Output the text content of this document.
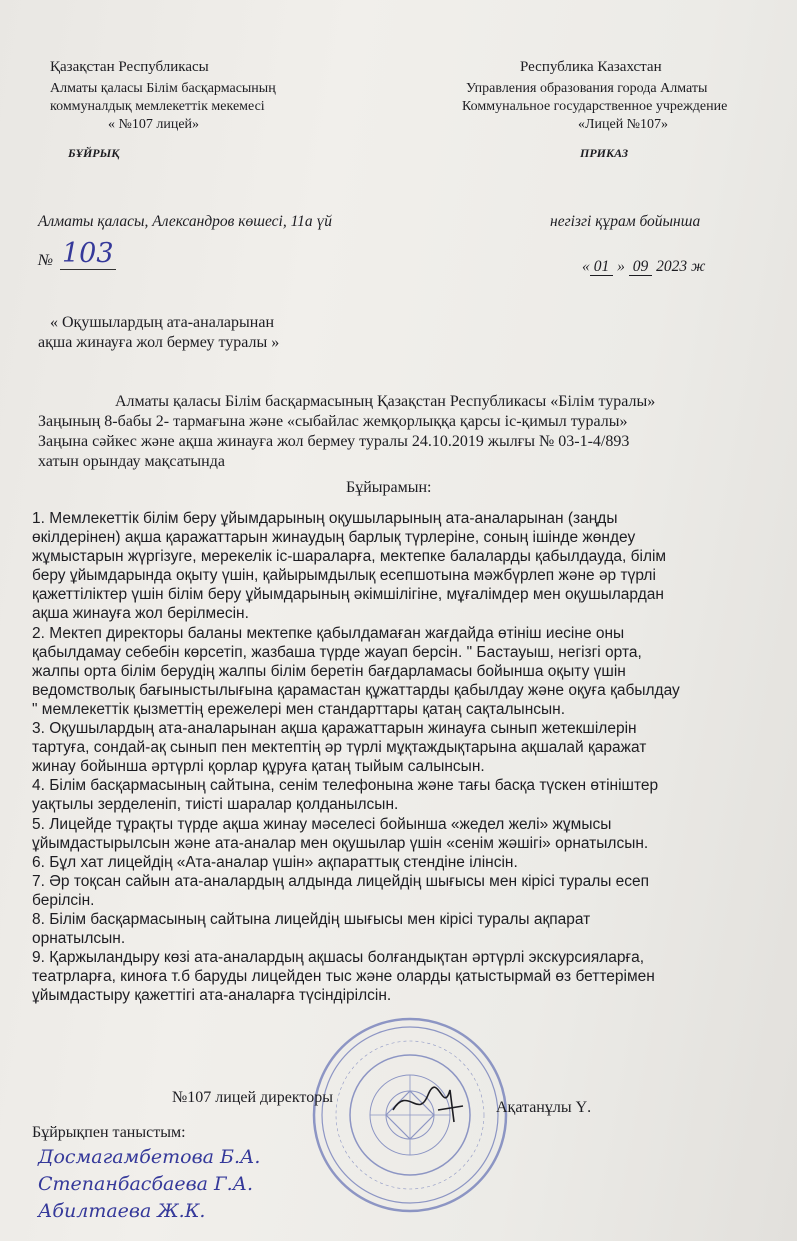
Қазақстан Республикасы
Алматы қаласы Білім басқармасының
коммуналдық мемлекеттік мекемесі
« №107 лицей»
БҰЙРЫҚ
Республика Казахстан
Управления образования города Алматы
Коммунальное государственное учреждение
«Лицей №107»
ПРИКАЗ
Алматы қаласы, Александров көшесі, 11а үй	негізгі құрам бойынша
№ 103	« 01 » 09 2023 ж
« Оқушылардың ата-аналарынан
ақша жинауға жол бермеу туралы »
Алматы қаласы Білім басқармасының Қазақстан Республикасы «Білім туралы»
Заңының 8-бабы 2- тармағына және «сыбайлас жемқорлыққа қарсы іс-қимыл туралы»
Заңына сәйкес және ақша жинауға жол бермеу туралы 24.10.2019 жылғы № 03-1-4/893
хатын орындау мақсатында
Бұйырамын:
1. Мемлекеттік білім беру ұйымдарының оқушыларының ата-аналарынан (заңды
өкілдерінен) ақша қаражаттарын жинаудың барлық түрлеріне, соның ішінде жөндеу
жұмыстарын жүргізуге, мерекелік іс-шараларға, мектепке балаларды қабылдауда, білім
беру ұйымдарында оқыту үшін, қайырымдылық есепшотына мәжбүрлеп және әр түрлі
қажеттіліктер үшін білім беру ұйымдарының әкімшілігіне, мұғалімдер мен оқушылардан
ақша жинауға жол берілмесін.
2. Мектеп директоры баланы мектепке қабылдамаған жағдайда өтініш иесіне оны
қабылдамау себебін көрсетіп, жазбаша түрде жауап берсін. " Бастауыш, негізгі орта,
жалпы орта білім берудің жалпы білім беретін бағдарламасы бойынша оқыту үшін
ведомстволық бағыныстылығына қарамастан құжаттарды қабылдау және оқуға қабылдау
" мемлекеттік қызметтің ережелері мен стандарттары қатаң сақталынсын.
3. Оқушылардың ата-аналарынан ақша қаражаттарын жинауға сынып жетекшілерін
тартуға, сондай-ақ сынып пен мектептің әр түрлі мұқтаждықтарына ақшалай қаражат
жинау бойынша әртүрлі қорлар құруға қатаң тыйым салынсын.
4. Білім басқармасының сайтына, сенім телефонына және тағы басқа түскен өтініштер
уақтылы зерделеніп, тиісті шаралар қолданылсын.
5. Лицейде тұрақты түрде ақша жинау мәселесі бойынша «жедел желі» жұмысы
ұйымдастырылсын және ата-аналар мен оқушылар үшін «сенім жәшігі» орнатылсын.
6. Бұл хат лицейдің «Ата-аналар үшін» ақпараттық стендіне ілінсін.
7. Әр тоқсан сайын ата-аналардың алдында лицейдің шығысы мен кірісі туралы есеп
берілсін.
8. Білім басқармасының сайтына лицейдің шығысы мен кірісі туралы ақпарат
орнатылсын.
9. Қаржыландыру көзі ата-аналардың ақшасы болғандықтан әртүрлі экскурсияларға,
театрларға, киноға т.б баруды лицейден тыс және оларды қатыстырмай өз беттерімен
ұйымдастыру қажеттігі ата-аналарға түсіндірілсін.
№107 лицей директоры
Ақатанұлы Ү.
Бұйрықпен таныстым:
Досмагамбетова Б.А.
Степанбасбаева Г.А.
Абилтаева Ж.К.
